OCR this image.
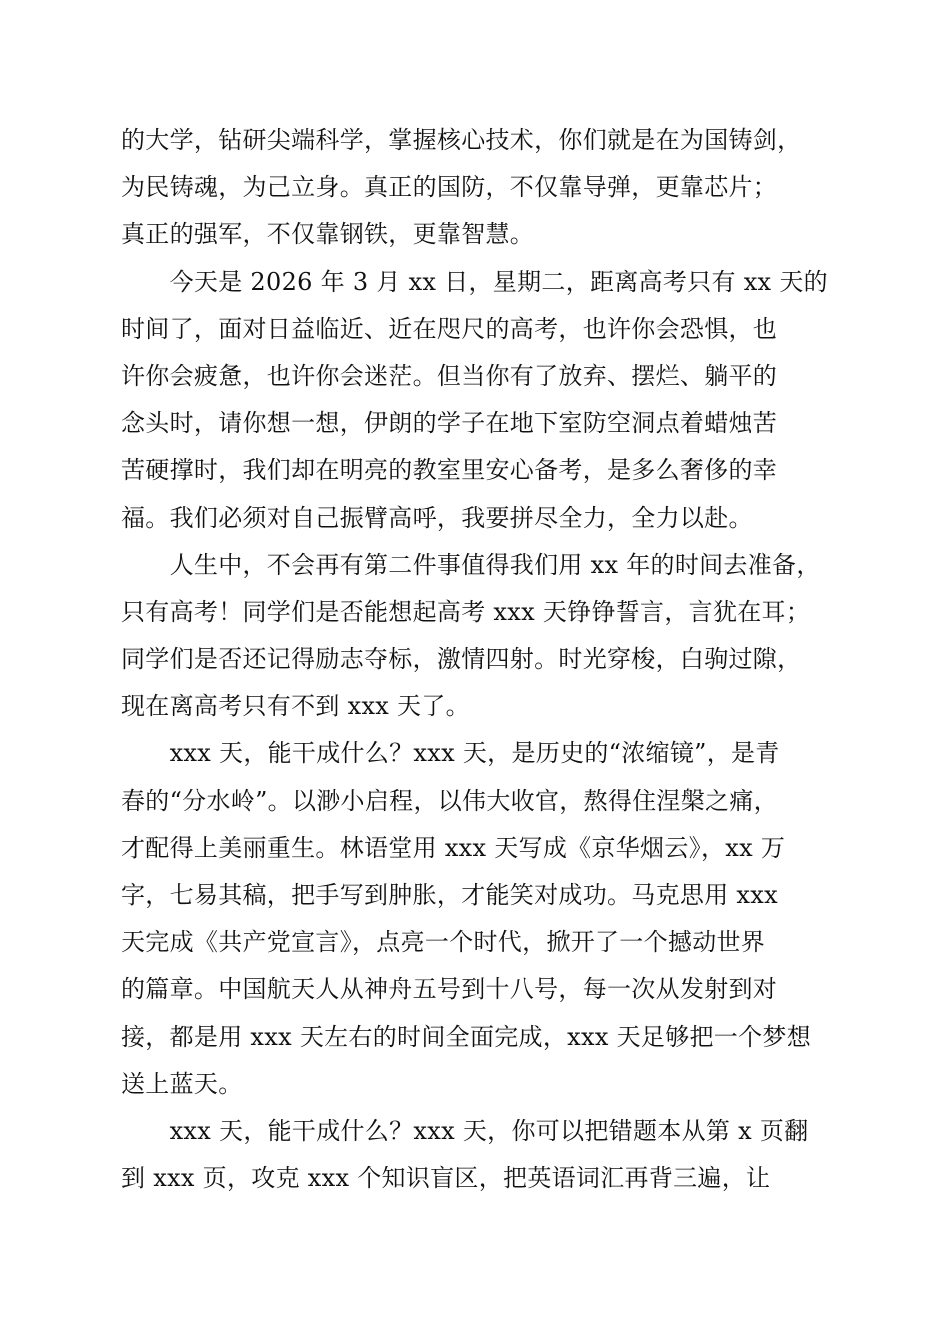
的大学，钻研尖端科学，掌握核心技术，你们就是在为国铸剑，
为民铸魂，为己立身。真正的国防，不仅靠导弹，更靠芯片；
真正的强军，不仅靠钢铁，更靠智慧。
　　今天是 2026 年 3 月 xx 日，星期二，距离高考只有 xx 天的
时间了，面对日益临近、近在咫尺的高考，也许你会恐惧，也
许你会疲惫，也许你会迷茫。但当你有了放弃、摆烂、躺平的
念头时，请你想一想，伊朗的学子在地下室防空洞点着蜡烛苦
苦硬撑时，我们却在明亮的教室里安心备考，是多么奢侈的幸
福。我们必须对自己振臂高呼，我要拼尽全力，全力以赴。
　　人生中，不会再有第二件事值得我们用 xx 年的时间去准备，
只有高考！同学们是否能想起高考 xxx 天铮铮誓言，言犹在耳；
同学们是否还记得励志夺标，激情四射。时光穿梭，白驹过隙，
现在离高考只有不到 xxx 天了。
　　xxx 天，能干成什么？xxx 天，是历史的“浓缩镜”，是青
春的“分水岭”。以渺小启程，以伟大收官，熬得住涅槃之痛，
才配得上美丽重生。林语堂用 xxx 天写成《京华烟云》，xx 万
字，七易其稿，把手写到肿胀，才能笑对成功。马克思用 xxx
天完成《共产党宣言》，点亮一个时代，掀开了一个撼动世界
的篇章。中国航天人从神舟五号到十八号，每一次从发射到对
接，都是用 xxx 天左右的时间全面完成，xxx 天足够把一个梦想
送上蓝天。
　　xxx 天，能干成什么？xxx 天，你可以把错题本从第 x 页翻
到 xxx 页，攻克 xxx 个知识盲区，把英语词汇再背三遍，让
